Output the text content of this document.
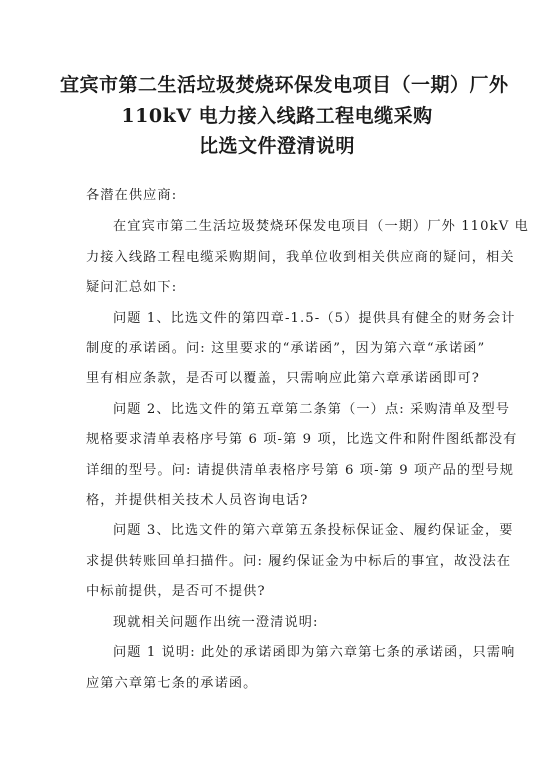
宜宾市第二生活垃圾焚烧环保发电项目（一期）厂外
110kV 电力接入线路工程电缆采购
比选文件澄清说明
各潜在供应商:
在宜宾市第二生活垃圾焚烧环保发电项目（一期）厂外 110kV 电
力接入线路工程电缆采购期间，我单位收到相关供应商的疑问，相关
疑问汇总如下:
问题 1、比选文件的第四章-1.5-（5）提供具有健全的财务会计
制度的承诺函。问: 这里要求的“承诺函”，因为第六章“承诺函”
里有相应条款，是否可以覆盖，只需响应此第六章承诺函即可?
问题 2、比选文件的第五章第二条第（一）点: 采购清单及型号
规格要求清单表格序号第 6 项-第 9 项，比选文件和附件图纸都没有
详细的型号。问: 请提供清单表格序号第 6 项-第 9 项产品的型号规
格，并提供相关技术人员咨询电话?
问题 3、比选文件的第六章第五条投标保证金、履约保证金，要
求提供转账回单扫描件。问: 履约保证金为中标后的事宜，故没法在
中标前提供，是否可不提供?
现就相关问题作出统一澄清说明:
问题 1 说明: 此处的承诺函即为第六章第七条的承诺函，只需响
应第六章第七条的承诺函。
